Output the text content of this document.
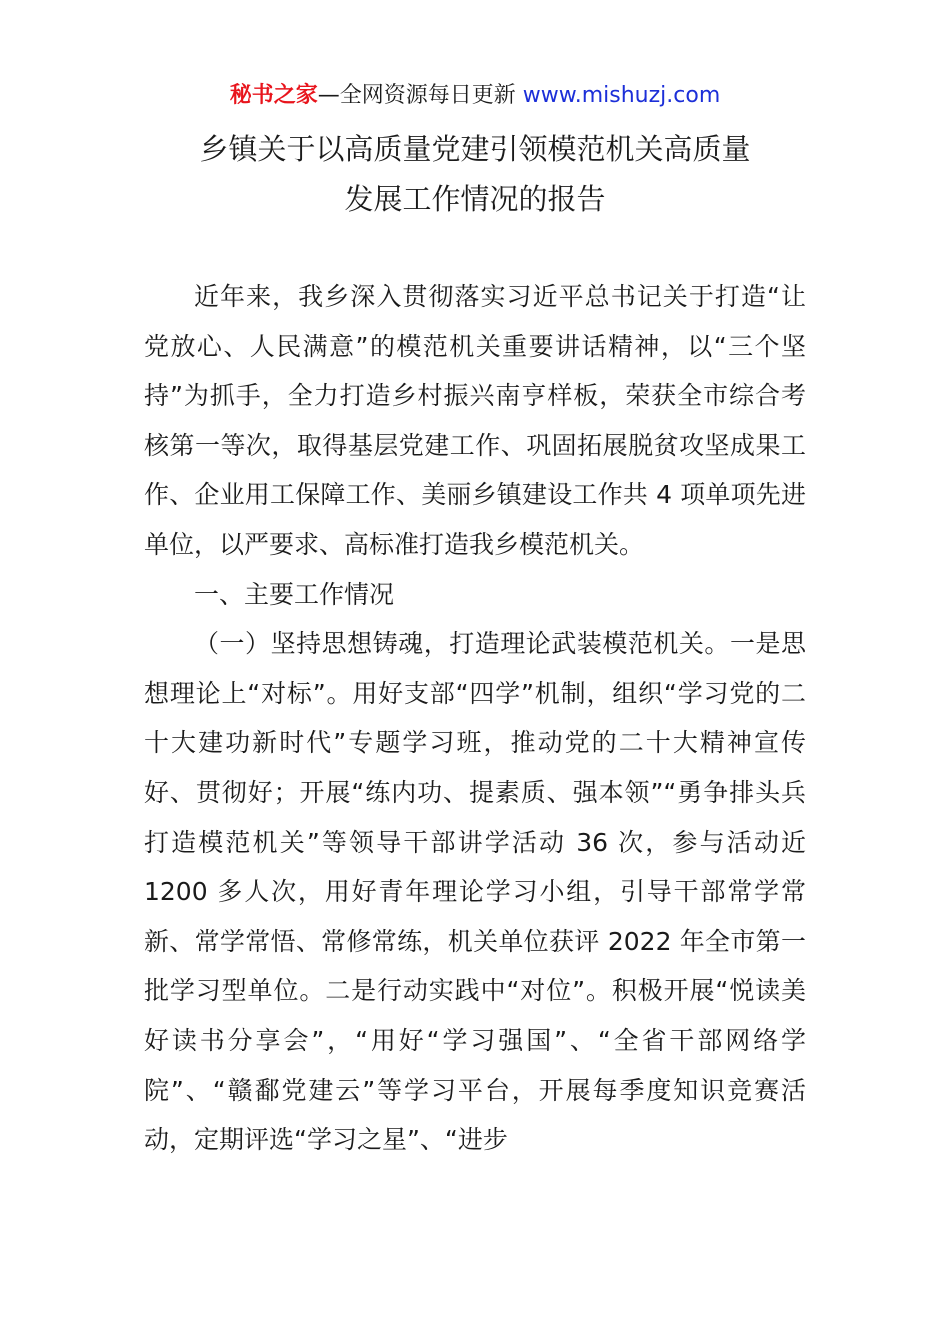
秘书之家—全网资源每日更新 www.mishuzj.com
乡镇关于以高质量党建引领模范机关高质量
发展工作情况的报告

近年来，我乡深入贯彻落实习近平总书记关于打造“让党放心、人民满意”的模范机关重要讲话精神，以“三个坚持”为抓手，全力打造乡村振兴南亨样板，荣获全市综合考核第一等次，取得基层党建工作、巩固拓展脱贫攻坚成果工作、企业用工保障工作、美丽乡镇建设工作共 4 项单项先进单位，以严要求、高标准打造我乡模范机关。

一、主要工作情况

（一）坚持思想铸魂，打造理论武装模范机关。一是思想理论上“对标”。用好支部“四学”机制，组织“学习党的二十大建功新时代”专题学习班，推动党的二十大精神宣传好、贯彻好；开展“练内功、提素质、强本领”“勇争排头兵打造模范机关”等领导干部讲学活动 36 次，参与活动近 1200 多人次，用好青年理论学习小组，引导干部常学常新、常学常悟、常修常练，机关单位获评 2022 年全市第一批学习型单位。二是行动实践中“对位”。积极开展“悦读美好读书分享会”，“用好“学习强国”、“全省干部网络学院”、“赣鄱党建云”等学习平台，开展每季度知识竞赛活动，定期评选“学习之星”、“进步
